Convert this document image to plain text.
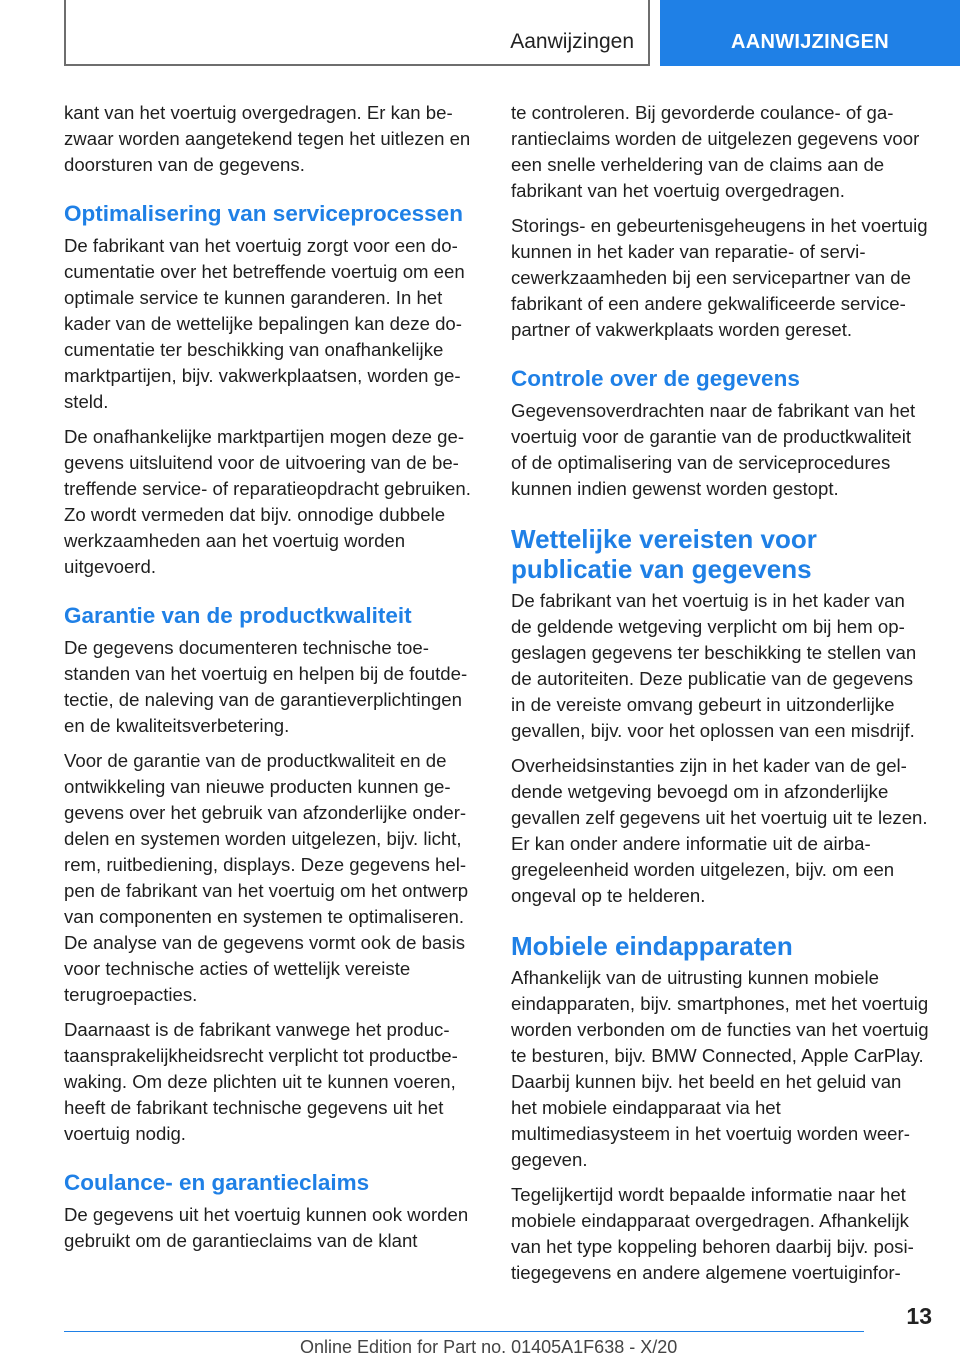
Aanwijzingen	AANWIJZINGEN

kant van het voertuig overgedragen. Er kan bezwaar worden aangetekend tegen het uitlezen en doorsturen van de gegevens.

Optimalisering van serviceprocessen

De fabrikant van het voertuig zorgt voor een documentatie over het betreffende voertuig om een optimale service te kunnen garanderen. In het kader van de wettelijke bepalingen kan deze documentatie ter beschikking van onafhankelijke marktpartijen, bijv. vakwerkplaatsen, worden gesteld.

De onafhankelijke marktpartijen mogen deze gegevens uitsluitend voor de uitvoering van de betreffende service- of reparatieopdracht gebruiken. Zo wordt vermeden dat bijv. onnodige dubbele werkzaamheden aan het voertuig worden uitgevoerd.

Garantie van de productkwaliteit

De gegevens documenteren technische toestanden van het voertuig en helpen bij de foutdetectie, de naleving van de garantieverplichtingen en de kwaliteitsverbetering.

Voor de garantie van de productkwaliteit en de ontwikkeling van nieuwe producten kunnen gegevens over het gebruik van afzonderlijke onderdelen en systemen worden uitgelezen, bijv. licht, rem, ruitbediening, displays. Deze gegevens helpen de fabrikant van het voertuig om het ontwerp van componenten en systemen te optimaliseren. De analyse van de gegevens vormt ook de basis voor technische acties of wettelijk vereiste terugroepacties.

Daarnaast is de fabrikant vanwege het productaansprakelijkheidsrecht verplicht tot productbewaking. Om deze plichten uit te kunnen voeren, heeft de fabrikant technische gegevens uit het voertuig nodig.

Coulance- en garantieclaims

De gegevens uit het voertuig kunnen ook worden gebruikt om de garantieclaims van de klant

te controleren. Bij gevorderde coulance- of garantieclaims worden de uitgelezen gegevens voor een snelle verheldering van de claims aan de fabrikant van het voertuig overgedragen.

Storings- en gebeurtenisgeheugens in het voertuig kunnen in het kader van reparatie- of servicewerkzaamheden bij een servicepartner van de fabrikant of een andere gekwalificeerde servicepartner of vakwerkplaats worden gereset.

Controle over de gegevens

Gegevensoverdrachten naar de fabrikant van het voertuig voor de garantie van de productkwaliteit of de optimalisering van de serviceprocedures kunnen indien gewenst worden gestopt.

Wettelijke vereisten voor publicatie van gegevens

De fabrikant van het voertuig is in het kader van de geldende wetgeving verplicht om bij hem opgeslagen gegevens ter beschikking te stellen van de autoriteiten. Deze publicatie van de gegevens in de vereiste omvang gebeurt in uitzonderlijke gevallen, bijv. voor het oplossen van een misdrijf.

Overheidsinstanties zijn in het kader van de geldende wetgeving bevoegd om in afzonderlijke gevallen zelf gegevens uit het voertuig uit te lezen. Er kan onder andere informatie uit de airbagregeleenheid worden uitgelezen, bijv. om een ongeval op te helderen.

Mobiele eindapparaten

Afhankelijk van de uitrusting kunnen mobiele eindapparaten, bijv. smartphones, met het voertuig worden verbonden om de functies van het voertuig te besturen, bijv. BMW Connected, Apple CarPlay. Daarbij kunnen bijv. het beeld en het geluid van het mobiele eindapparaat via het multimediasysteem in het voertuig worden weergegeven.

Tegelijkertijd wordt bepaalde informatie naar het mobiele eindapparaat overgedragen. Afhankelijk van het type koppeling behoren daarbij bijv. positiegegevens en andere algemene voertuiginfor-

13
Online Edition for Part no. 01405A1F638 - X/20
